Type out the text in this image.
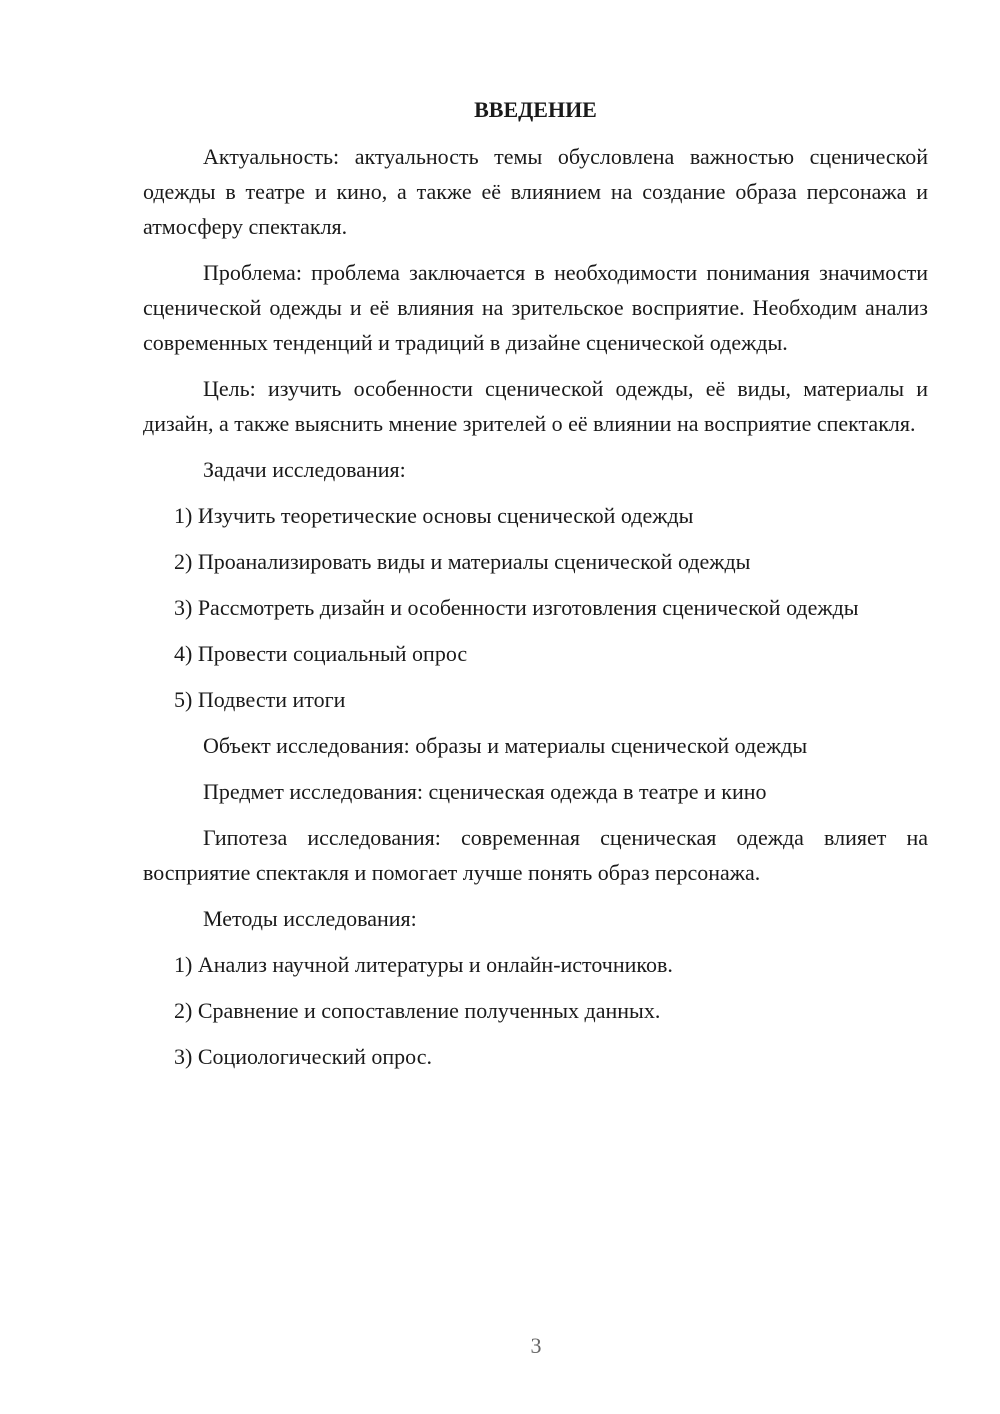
ВВЕДЕНИЕ

Актуальность: актуальность темы обусловлена важностью сценической одежды в театре и кино, а также её влиянием на создание образа персонажа и атмосферу спектакля.

Проблема: проблема заключается в необходимости понимания значимости сценической одежды и её влияния на зрительское восприятие. Необходим анализ современных тенденций и традиций в дизайне сценической одежды.

Цель: изучить особенности сценической одежды, её виды, материалы и дизайн, а также выяснить мнение зрителей о её влиянии на восприятие спектакля.

Задачи исследования:

1) Изучить теоретические основы сценической одежды

2) Проанализировать виды и материалы сценической одежды

3) Рассмотреть дизайн и особенности изготовления сценической одежды

4) Провести социальный опрос

5) Подвести итоги

Объект исследования: образы и материалы сценической одежды

Предмет исследования: сценическая одежда в театре и кино

Гипотеза исследования: современная сценическая одежда влияет на восприятие спектакля и помогает лучше понять образ персонажа.

Методы исследования:

1) Анализ научной литературы и онлайн-источников.

2) Сравнение и сопоставление полученных данных.

3) Социологический опрос.

3
